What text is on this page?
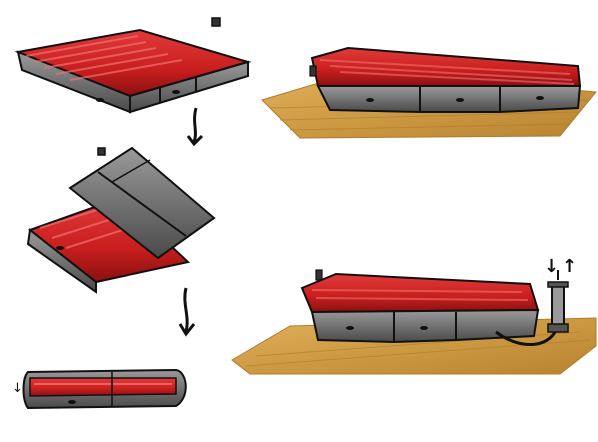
↓
↓ ↑
